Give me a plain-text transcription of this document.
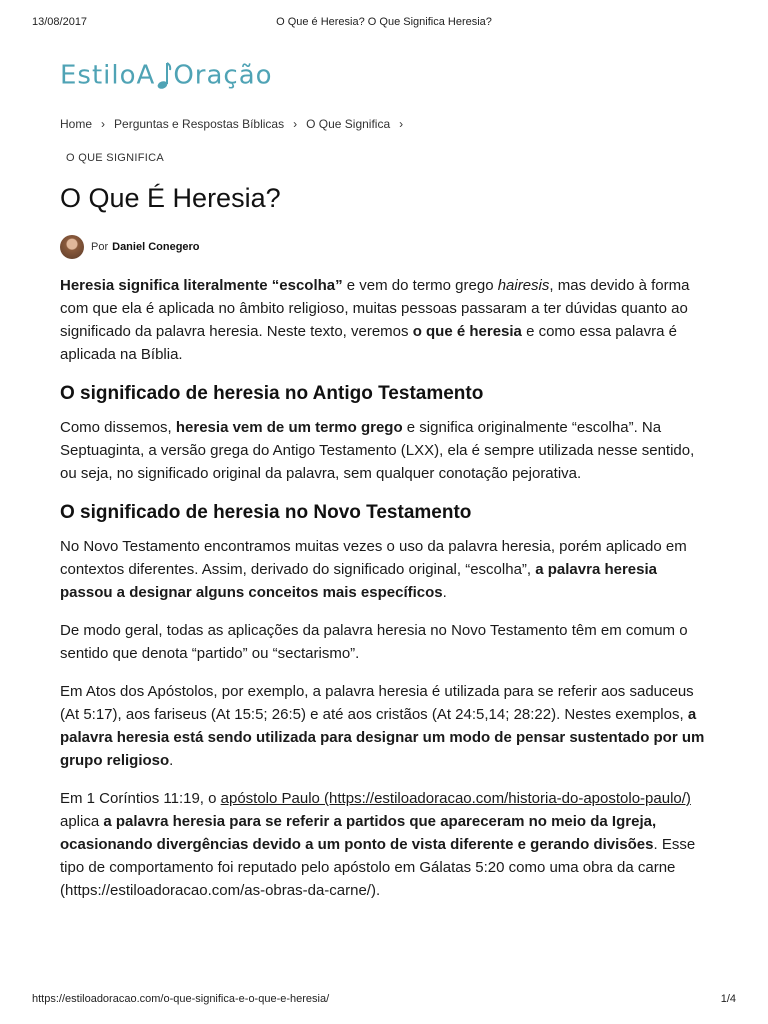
13/08/2017	O Que é Heresia? O Que Significa Heresia?
EstiloA Oração
Home › Perguntas e Respostas Bíblicas › O Que Significa ›
O QUE SIGNIFICA
O Que É Heresia?
Por Daniel Conegero

Heresia significa literalmente “escolha” e vem do termo grego hairesis, mas devido à forma com que ela é aplicada no âmbito religioso, muitas pessoas passaram a ter dúvidas quanto ao significado da palavra heresia. Neste texto, veremos o que é heresia e como essa palavra é aplicada na Bíblia.

O significado de heresia no Antigo Testamento

Como dissemos, heresia vem de um termo grego e significa originalmente “escolha”. Na Septuaginta, a versão grega do Antigo Testamento (LXX), ela é sempre utilizada nesse sentido, ou seja, no significado original da palavra, sem qualquer conotação pejorativa.

O significado de heresia no Novo Testamento

No Novo Testamento encontramos muitas vezes o uso da palavra heresia, porém aplicado em contextos diferentes. Assim, derivado do significado original, “escolha”, a palavra heresia passou a designar alguns conceitos mais específicos.

De modo geral, todas as aplicações da palavra heresia no Novo Testamento têm em comum o sentido que denota “partido” ou “sectarismo”.

Em Atos dos Apóstolos, por exemplo, a palavra heresia é utilizada para se referir aos saduceus (At 5:17), aos fariseus (At 15:5; 26:5) e até aos cristãos (At 24:5,14; 28:22). Nestes exemplos, a palavra heresia está sendo utilizada para designar um modo de pensar sustentado por um grupo religioso.

Em 1 Coríntios 11:19, o apóstolo Paulo (https://estiloadoracao.com/historia-do-apostolo-paulo/) aplica a palavra heresia para se referir a partidos que apareceram no meio da Igreja, ocasionando divergências devido a um ponto de vista diferente e gerando divisões. Esse tipo de comportamento foi reputado pelo apóstolo em Gálatas 5:20 como uma obra da carne (https://estiloadoracao.com/as-obras-da-carne/).

https://estiloadoracao.com/o-que-significa-e-o-que-e-heresia/	1/4
